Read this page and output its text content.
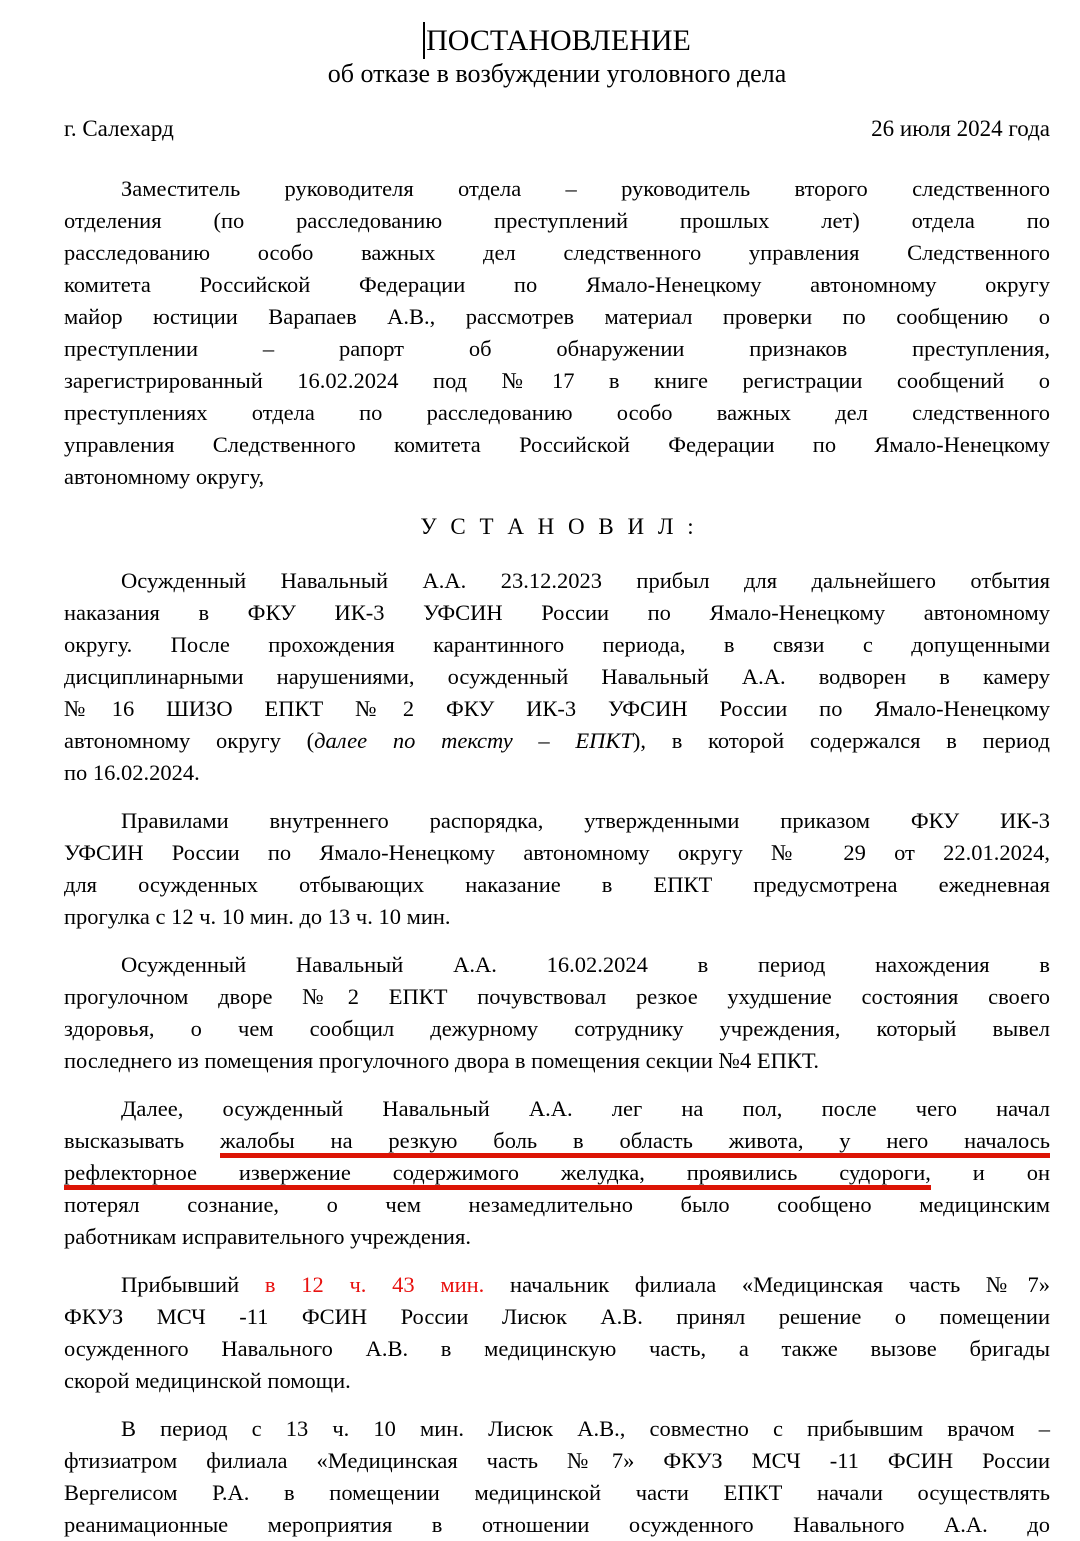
ПОСТАНОВЛЕНИЕ
об отказе в возбуждении уголовного дела
г. Салехард	26 июля 2024 года

Заместитель руководителя отдела – руководитель второго следственного
отделения (по расследованию преступлений прошлых лет) отдела по
расследованию особо важных дел следственного управления Следственного
комитета Российской Федерации по Ямало-Ненецкому автономному округу
майор юстиции Варапаев А.В., рассмотрев материал проверки по сообщению о
преступлении – рапорт об обнаружении признаков преступления,
зарегистрированный 16.02.2024 под №17 в книге регистрации сообщений о
преступлениях отдела по расследованию особо важных дел следственного
управления Следственного комитета Российской Федерации по Ямало-Ненецкому
автономному округу,

У С Т А Н О В И Л :

Осужденный Навальный А.А. 23.12.2023 прибыл для дальнейшего отбытия
наказания в ФКУ ИК-3 УФСИН России по Ямало-Ненецкому автономному
округу. После прохождения карантинного периода, в связи с допущенными
дисциплинарными нарушениями, осужденный Навальный А.А. водворен в камеру
№16 ШИЗО ЕПКТ №2 ФКУ ИК-3 УФСИН России по Ямало-Ненецкому
автономному округу (далее по тексту – ЕПКТ), в которой содержался в период
по 16.02.2024.

Правилами внутреннего распорядка, утвержденными приказом ФКУ ИК-3
УФСИН России по Ямало-Ненецкому автономному округу № 29 от 22.01.2024,
для осужденных отбывающих наказание в ЕПКТ предусмотрена ежедневная
прогулка с 12 ч. 10 мин. до 13 ч. 10 мин.

Осужденный Навальный А.А. 16.02.2024 в период нахождения в
прогулочном дворе №2 ЕПКТ почувствовал резкое ухудшение состояния своего
здоровья, о чем сообщил дежурному сотруднику учреждения, который вывел
последнего из помещения прогулочного двора в помещения секции №4 ЕПКТ.

Далее, осужденный Навальный А.А. лег на пол, после чего начал
высказывать жалобы на резкую боль в область живота, у него началось
рефлекторное извержение содержимого желудка, проявились судороги, и он
потерял сознание, о чем незамедлительно было сообщено медицинским
работникам исправительного учреждения.

Прибывший в 12 ч. 43 мин. начальник филиала «Медицинская часть №7»
ФКУЗ МСЧ -11 ФСИН России Лисюк А.В. принял решение о помещении
осужденного Навального А.В. в медицинскую часть, а также вызове бригады
скорой медицинской помощи.

В период с 13 ч. 10 мин. Лисюк А.В., совместно с прибывшим врачом –
фтизиатром филиала «Медицинская часть №7» ФКУЗ МСЧ -11 ФСИН России
Вергелисом Р.А. в помещении медицинской части ЕПКТ начали осуществлять
реанимационные мероприятия в отношении осужденного Навального А.А. до
